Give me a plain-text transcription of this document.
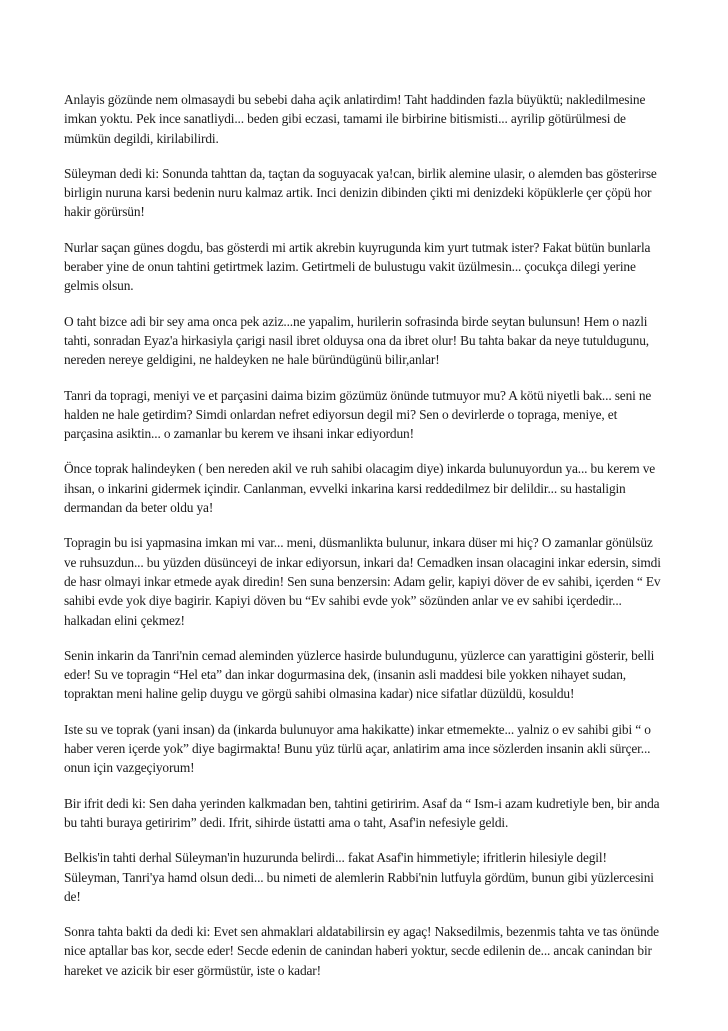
Anlayis gözünde nem olmasaydi bu sebebi daha açik anlatirdim! Taht haddinden fazla büyüktü; nakledilmesine imkan yoktu. Pek ince sanatliydi... beden gibi eczasi, tamami ile birbirine bitismisti... ayrilip götürülmesi de mümkün degildi, kirilabilirdi.

Süleyman dedi ki: Sonunda tahttan da, taçtan da soguyacak ya!can, birlik alemine ulasir, o alemden bas gösterirse birligin nuruna karsi bedenin nuru kalmaz artik. Inci denizin dibinden çikti mi denizdeki köpüklerle çer çöpü hor hakir görürsün!

Nurlar saçan günes dogdu, bas gösterdi mi artik akrebin kuyrugunda kim yurt tutmak ister? Fakat bütün bunlarla beraber yine de onun tahtini getirtmek lazim. Getirtmeli de bulustugu vakit üzülmesin... çocukça dilegi yerine gelmis olsun.

O taht bizce adi bir sey ama onca pek aziz...ne yapalim, hurilerin sofrasinda birde seytan bulunsun! Hem o nazli tahti, sonradan Eyaz'a hirkasiyla çarigi nasil ibret olduysa ona da ibret olur! Bu tahta bakar da neye tutuldugunu, nereden nereye geldigini, ne haldeyken ne hale büründügünü bilir,anlar!

Tanri da topragi, meniyi ve et parçasini daima bizim gözümüz önünde tutmuyor mu? A kötü niyetli bak... seni ne halden ne hale getirdim? Simdi onlardan nefret ediyorsun degil mi? Sen o devirlerde o topraga, meniye, et parçasina asiktin... o zamanlar bu kerem ve ihsani inkar ediyordun!

Önce toprak halindeyken ( ben nereden akil ve ruh sahibi olacagim diye) inkarda bulunuyordun ya... bu kerem ve ihsan, o inkarini gidermek içindir. Canlanman, evvelki inkarina karsi reddedilmez bir delildir... su hastaligin dermandan da beter oldu ya!

Topragin bu isi yapmasina imkan mi var... meni, düsmanlikta bulunur, inkara düser mi hiç? O zamanlar gönülsüz ve ruhsuzdun... bu yüzden düsünceyi de inkar ediyorsun, inkari da! Cemadken insan olacagini inkar edersin, simdi de hasr olmayi inkar etmede ayak diredin! Sen suna benzersin: Adam gelir, kapiyi döver de ev sahibi, içerden “ Ev sahibi evde yok diye bagirir. Kapiyi döven bu “Ev sahibi evde yok” sözünden anlar ve ev sahibi içerdedir... halkadan elini çekmez!

Senin inkarin da Tanri'nin cemad aleminden yüzlerce hasirde bulundugunu, yüzlerce can yarattigini gösterir, belli eder! Su ve topragin “Hel eta” dan inkar dogurmasina dek, (insanin asli maddesi bile yokken nihayet sudan, topraktan meni haline gelip duygu ve görgü sahibi olmasina kadar) nice sifatlar düzüldü, kosuldu!

Iste su ve toprak (yani insan) da (inkarda bulunuyor ama hakikatte) inkar etmemekte... yalniz o ev sahibi gibi “ o haber veren içerde yok” diye bagirmakta! Bunu yüz türlü açar, anlatirim ama ince sözlerden insanin akli sürçer... onun için vazgeçiyorum!

Bir ifrit dedi ki: Sen daha yerinden kalkmadan ben, tahtini getiririm. Asaf da “ Ism-i azam kudretiyle ben, bir anda bu tahti buraya getiririm” dedi. Ifrit, sihirde üstatti ama o taht, Asaf'in nefesiyle geldi.

Belkis'in tahti derhal Süleyman'in huzurunda belirdi... fakat Asaf'in himmetiyle; ifritlerin hilesiyle degil! Süleyman, Tanri'ya hamd olsun dedi... bu nimeti de alemlerin Rabbi'nin lutfuyla gördüm, bunun gibi yüzlercesini de!

Sonra tahta bakti da dedi ki: Evet sen ahmaklari aldatabilirsin ey agaç! Naksedilmis, bezenmis tahta ve tas önünde nice aptallar bas kor, secde eder! Secde edenin de canindan haberi yoktur, secde edilenin de... ancak canindan bir hareket ve azicik bir eser görmüstür, iste o kadar!
